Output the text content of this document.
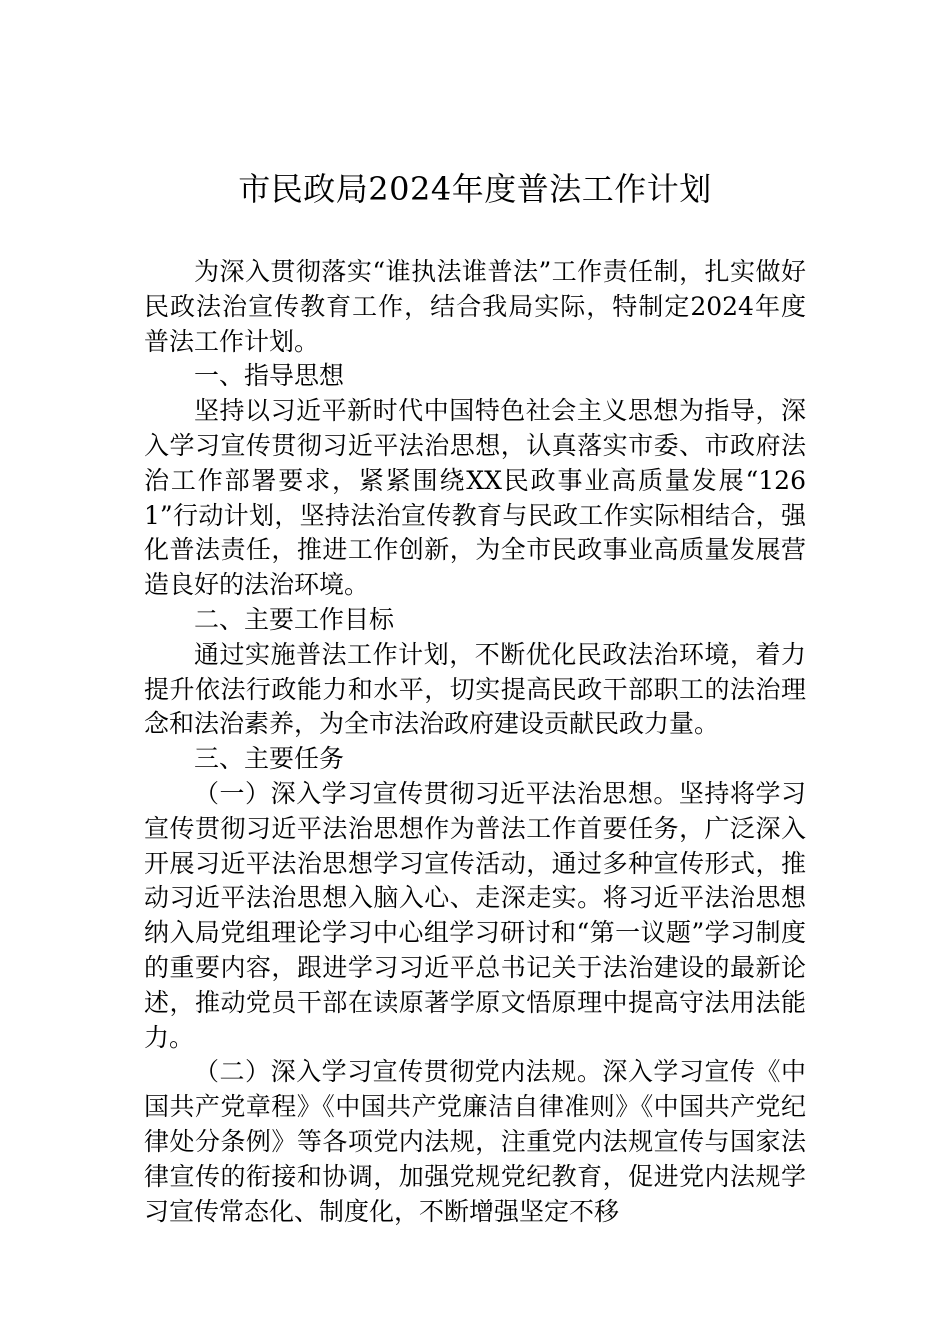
市民政局2024年度普法工作计划

为深入贯彻落实“谁执法谁普法”工作责任制，扎实做好民政法治宣传教育工作，结合我局实际，特制定2024年度普法工作计划。

一、指导思想

坚持以习近平新时代中国特色社会主义思想为指导，深入学习宣传贯彻习近平法治思想，认真落实市委、市政府法治工作部署要求，紧紧围绕XX民政事业高质量发展“1261”行动计划，坚持法治宣传教育与民政工作实际相结合，强化普法责任，推进工作创新，为全市民政事业高质量发展营造良好的法治环境。

二、主要工作目标

通过实施普法工作计划，不断优化民政法治环境，着力提升依法行政能力和水平，切实提高民政干部职工的法治理念和法治素养，为全市法治政府建设贡献民政力量。

三、主要任务

（一）深入学习宣传贯彻习近平法治思想。坚持将学习宣传贯彻习近平法治思想作为普法工作首要任务，广泛深入开展习近平法治思想学习宣传活动，通过多种宣传形式，推动习近平法治思想入脑入心、走深走实。将习近平法治思想纳入局党组理论学习中心组学习研讨和“第一议题”学习制度的重要内容，跟进学习习近平总书记关于法治建设的最新论述，推动党员干部在读原著学原文悟原理中提高守法用法能力。

（二）深入学习宣传贯彻党内法规。深入学习宣传《中国共产党章程》《中国共产党廉洁自律准则》《中国共产党纪律处分条例》等各项党内法规，注重党内法规宣传与国家法律宣传的衔接和协调，加强党规党纪教育，促进党内法规学习宣传常态化、制度化，不断增强坚定不移
